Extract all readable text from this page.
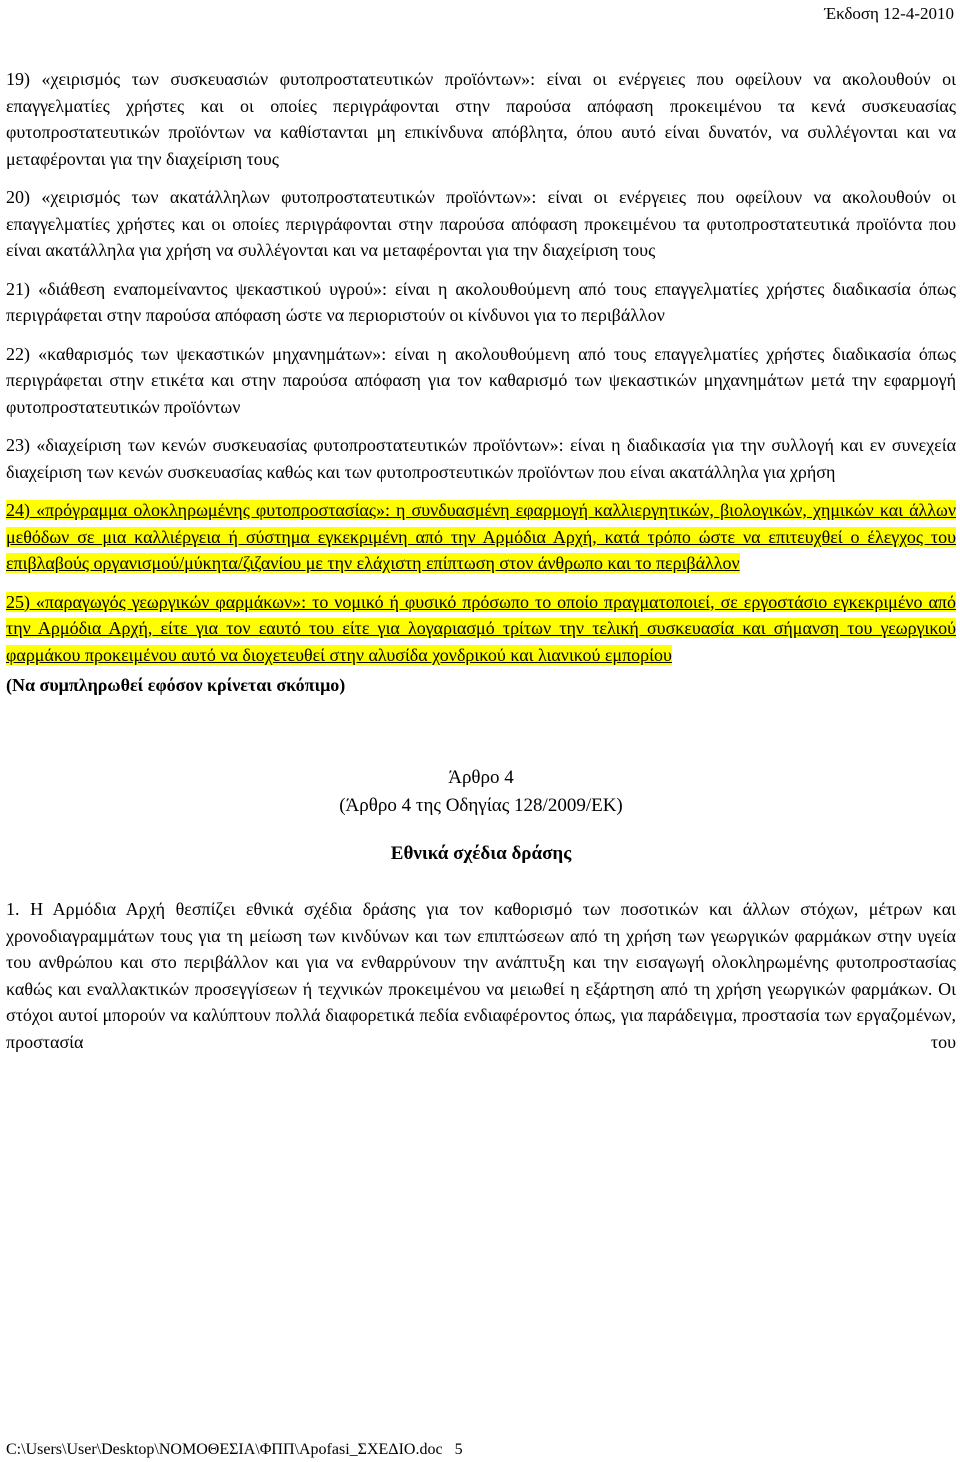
Έκδοση 12-4-2010

19) «χειρισμός των συσκευασιών φυτοπροστατευτικών προϊόντων»: είναι οι ενέργειες που οφείλουν να ακολουθούν οι επαγγελματίες χρήστες και οι οποίες περιγράφονται στην παρούσα απόφαση προκειμένου τα κενά συσκευασίας φυτοπροστατευτικών προϊόντων να καθίστανται μη επικίνδυνα απόβλητα, όπου αυτό είναι δυνατόν, να συλλέγονται και να μεταφέρονται για την διαχείριση τους

20) «χειρισμός των ακατάλληλων φυτοπροστατευτικών προϊόντων»: είναι οι ενέργειες που οφείλουν να ακολουθούν οι επαγγελματίες χρήστες και οι οποίες περιγράφονται στην παρούσα απόφαση προκειμένου τα φυτοπροστατευτικά προϊόντα που είναι ακατάλληλα για χρήση να συλλέγονται και να μεταφέρονται για την διαχείριση τους

21) «διάθεση εναπομείναντος ψεκαστικού υγρού»: είναι η ακολουθούμενη από τους επαγγελματίες χρήστες διαδικασία όπως περιγράφεται στην παρούσα απόφαση ώστε να περιοριστούν οι κίνδυνοι για το περιβάλλον

22) «καθαρισμός των ψεκαστικών μηχανημάτων»: είναι η ακολουθούμενη από τους επαγγελματίες χρήστες διαδικασία όπως περιγράφεται στην ετικέτα και στην παρούσα απόφαση για τον καθαρισμό των ψεκαστικών μηχανημάτων μετά την εφαρμογή φυτοπροστατευτικών προϊόντων

23) «διαχείριση των κενών συσκευασίας φυτοπροστατευτικών προϊόντων»: είναι η διαδικασία για την συλλογή και εν συνεχεία διαχείριση των κενών συσκευασίας καθώς και των φυτοπροστευτικών προϊόντων που είναι ακατάλληλα για χρήση

24) «πρόγραμμα ολοκληρωμένης φυτοπροστασίας»: η συνδυασμένη εφαρμογή καλλιεργητικών, βιολογικών, χημικών και άλλων μεθόδων σε μια καλλιέργεια ή σύστημα εγκεκριμένη από την Αρμόδια Αρχή, κατά τρόπο ώστε να επιτευχθεί ο έλεγχος του επιβλαβούς οργανισμού/μύκητα/ζιζανίου με την ελάχιστη επίπτωση στον άνθρωπο και το περιβάλλον

25) «παραγωγός γεωργικών φαρμάκων»: το νομικό ή φυσικό πρόσωπο το οποίο πραγματοποιεί, σε εργοστάσιο εγκεκριμένο από την Αρμόδια Αρχή, είτε για τον εαυτό του είτε για λογαριασμό τρίτων την τελική συσκευασία και σήμανση του γεωργικού φαρμάκου προκειμένου αυτό να διοχετευθεί στην αλυσίδα χονδρικού και λιανικού εμπορίου

(Να συμπληρωθεί εφόσον κρίνεται σκόπιμο)

Άρθρο 4

(Άρθρο 4 της Οδηγίας 128/2009/ΕΚ)

Εθνικά σχέδια δράσης

1. Η Αρμόδια Αρχή θεσπίζει εθνικά σχέδια δράσης για τον καθορισμό των ποσοτικών και άλλων στόχων, μέτρων και χρονοδιαγραμμάτων τους για τη μείωση των κινδύνων και των επιπτώσεων από τη χρήση των γεωργικών φαρμάκων στην υγεία του ανθρώπου και στο περιβάλλον και για να ενθαρρύνουν την ανάπτυξη και την εισαγωγή ολοκληρωμένης φυτοπροστασίας καθώς και εναλλακτικών προσεγγίσεων ή τεχνικών προκειμένου να μειωθεί η εξάρτηση από τη χρήση γεωργικών φαρμάκων. Οι στόχοι αυτοί μπορούν να καλύπτουν πολλά διαφορετικά πεδία ενδιαφέροντος όπως, για παράδειγμα, προστασία των εργαζομένων, προστασία του

C:\Users\User\Desktop\ΝΟΜΟΘΕΣΙΑ\ΦΠΠ\Apofasi_ΣΧΕΔΙΟ.doc 5
